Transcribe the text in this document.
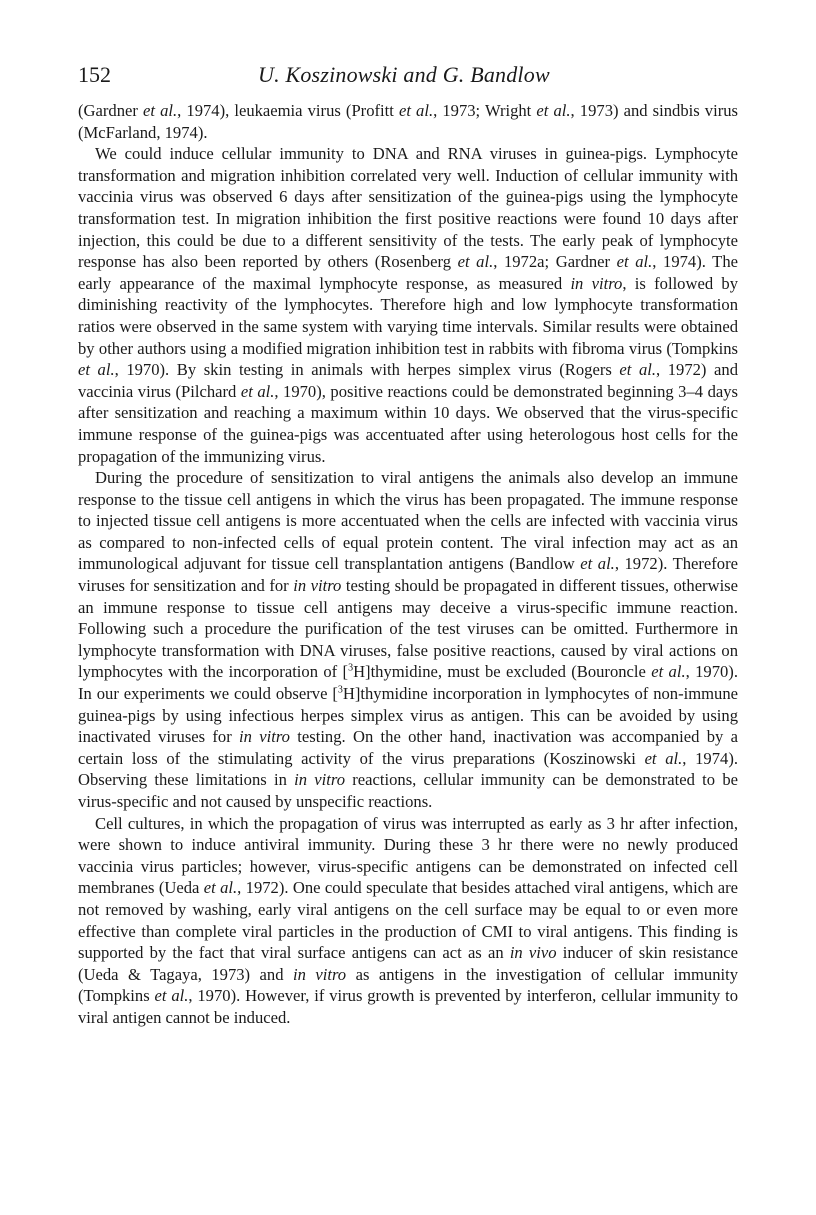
152	U. Koszinowski and G. Bandlow

(Gardner et al., 1974), leukaemia virus (Profitt et al., 1973; Wright et al., 1973) and sindbis virus (McFarland, 1974).

We could induce cellular immunity to DNA and RNA viruses in guinea-pigs. Lymphocyte transformation and migration inhibition correlated very well. Induction of cellular immunity with vaccinia virus was observed 6 days after sensitization of the guinea-pigs using the lymphocyte transformation test. In migration inhibition the first positive reactions were found 10 days after injection, this could be due to a different sensitivity of the tests. The early peak of lymphocyte response has also been reported by others (Rosenberg et al., 1972a; Gardner et al., 1974). The early appearance of the maximal lymphocyte response, as measured in vitro, is followed by diminishing reactivity of the lymphocytes. Therefore high and low lymphocyte transformation ratios were observed in the same system with varying time intervals. Similar results were obtained by other authors using a modified migration inhibition test in rabbits with fibroma virus (Tompkins et al., 1970). By skin testing in animals with herpes simplex virus (Rogers et al., 1972) and vaccinia virus (Pilchard et al., 1970), positive reactions could be demonstrated beginning 3–4 days after sensitization and reaching a maximum within 10 days. We observed that the virus-specific immune response of the guinea-pigs was accentuated after using heterologous host cells for the propagation of the immunizing virus.

During the procedure of sensitization to viral antigens the animals also develop an immune response to the tissue cell antigens in which the virus has been propagated. The immune response to injected tissue cell antigens is more accentuated when the cells are infected with vaccinia virus as compared to non-infected cells of equal protein content. The viral infection may act as an immunological adjuvant for tissue cell transplantation antigens (Bandlow et al., 1972). Therefore viruses for sensitization and for in vitro testing should be propagated in different tissues, otherwise an immune response to tissue cell antigens may deceive a virus-specific immune reaction. Following such a procedure the purification of the test viruses can be omitted. Furthermore in lymphocyte transformation with DNA viruses, false positive reactions, caused by viral actions on lymphocytes with the incorporation of [$^3$H]thymidine, must be excluded (Bouroncle et al., 1970). In our experiments we could observe [$^3$H]thymidine incorporation in lymphocytes of non-immune guinea-pigs by using infectious herpes simplex virus as antigen. This can be avoided by using inactivated viruses for in vitro testing. On the other hand, inactivation was accompanied by a certain loss of the stimulating activity of the virus preparations (Koszinowski et al., 1974). Observing these limitations in in vitro reactions, cellular immunity can be demonstrated to be virus-specific and not caused by unspecific reactions.

Cell cultures, in which the propagation of virus was interrupted as early as 3 hr after infection, were shown to induce antiviral immunity. During these 3 hr there were no newly produced vaccinia virus particles; however, virus-specific antigens can be demonstrated on infected cell membranes (Ueda et al., 1972). One could speculate that besides attached viral antigens, which are not removed by washing, early viral antigens on the cell surface may be equal to or even more effective than complete viral particles in the production of CMI to viral antigens. This finding is supported by the fact that viral surface antigens can act as an in vivo inducer of skin resistance (Ueda & Tagaya, 1973) and in vitro as antigens in the investigation of cellular immunity (Tompkins et al., 1970). However, if virus growth is prevented by interferon, cellular immunity to viral antigen cannot be induced.
